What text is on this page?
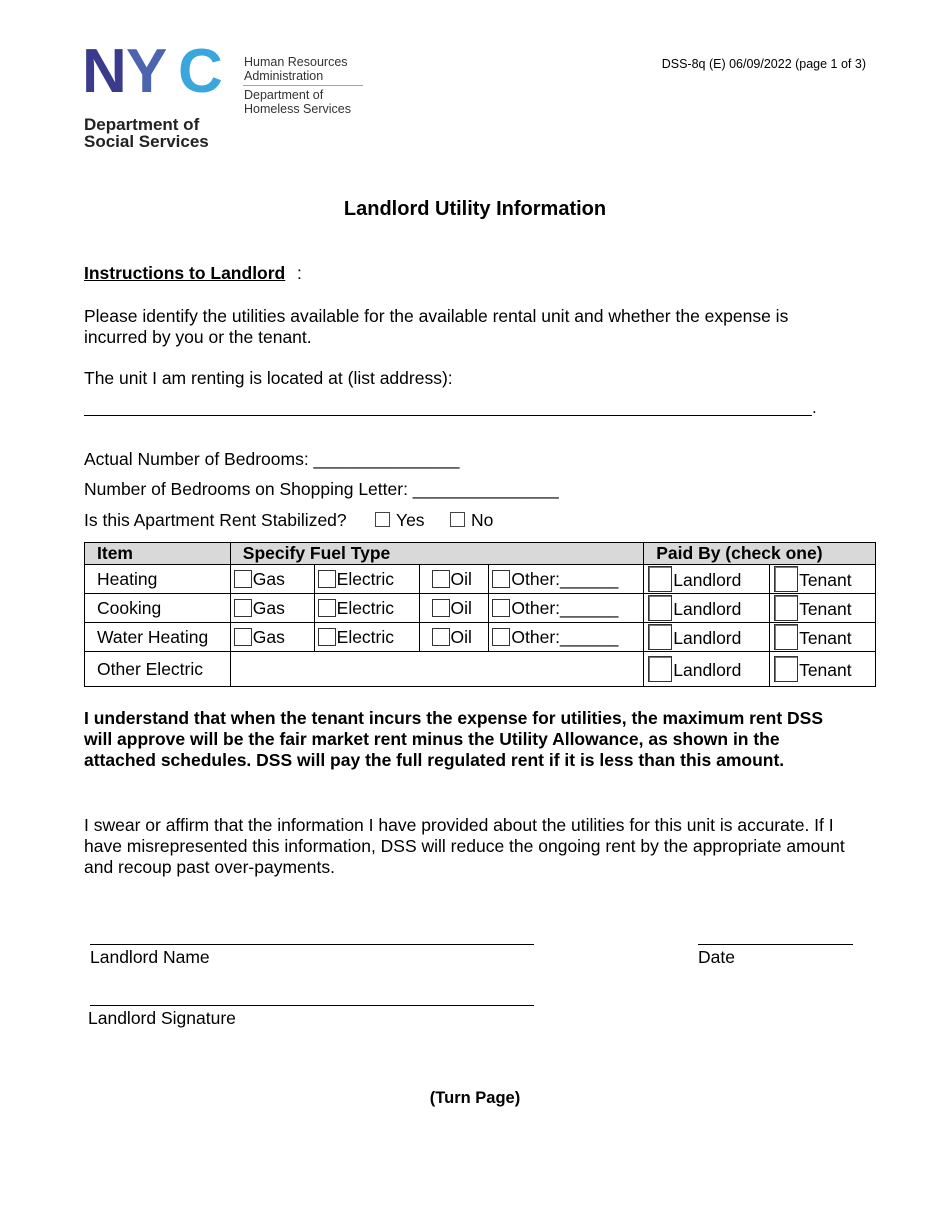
N Y C Human Resources
Administration
Department of
Homeless Services
Department of
Social Services
DSS-8q (E) 06/09/2022 (page 1 of 3)
Landlord Utility Information
Instructions to Landlord :
Please identify the utilities available for the available rental unit and whether the expense is incurred by you or the tenant.
The unit I am renting is located at (list address):
.
Actual Number of Bedrooms: _______________
Number of Bedrooms on Shopping Letter: _______________
Is this Apartment Rent Stabilized?	Yes	No
Item	Specify Fuel Type				Paid By (check one)	
Heating	Gas	Electric	Oil	Other:______	Landlord	Tenant
Cooking	Gas	Electric	Oil	Other:______	Landlord	Tenant
Water Heating	Gas	Electric	Oil	Other:______	Landlord	Tenant
Other Electric					Landlord	Tenant
I understand that when the tenant incurs the expense for utilities, the maximum rent DSS will approve will be the fair market rent minus the Utility Allowance, as shown in the attached schedules. DSS will pay the full regulated rent if it is less than this amount.
I swear or affirm that the information I have provided about the utilities for this unit is accurate. If I have misrepresented this information, DSS will reduce the ongoing rent by the appropriate amount and recoup past over-payments.
Landlord Name	Date
Landlord Signature
(Turn Page)
